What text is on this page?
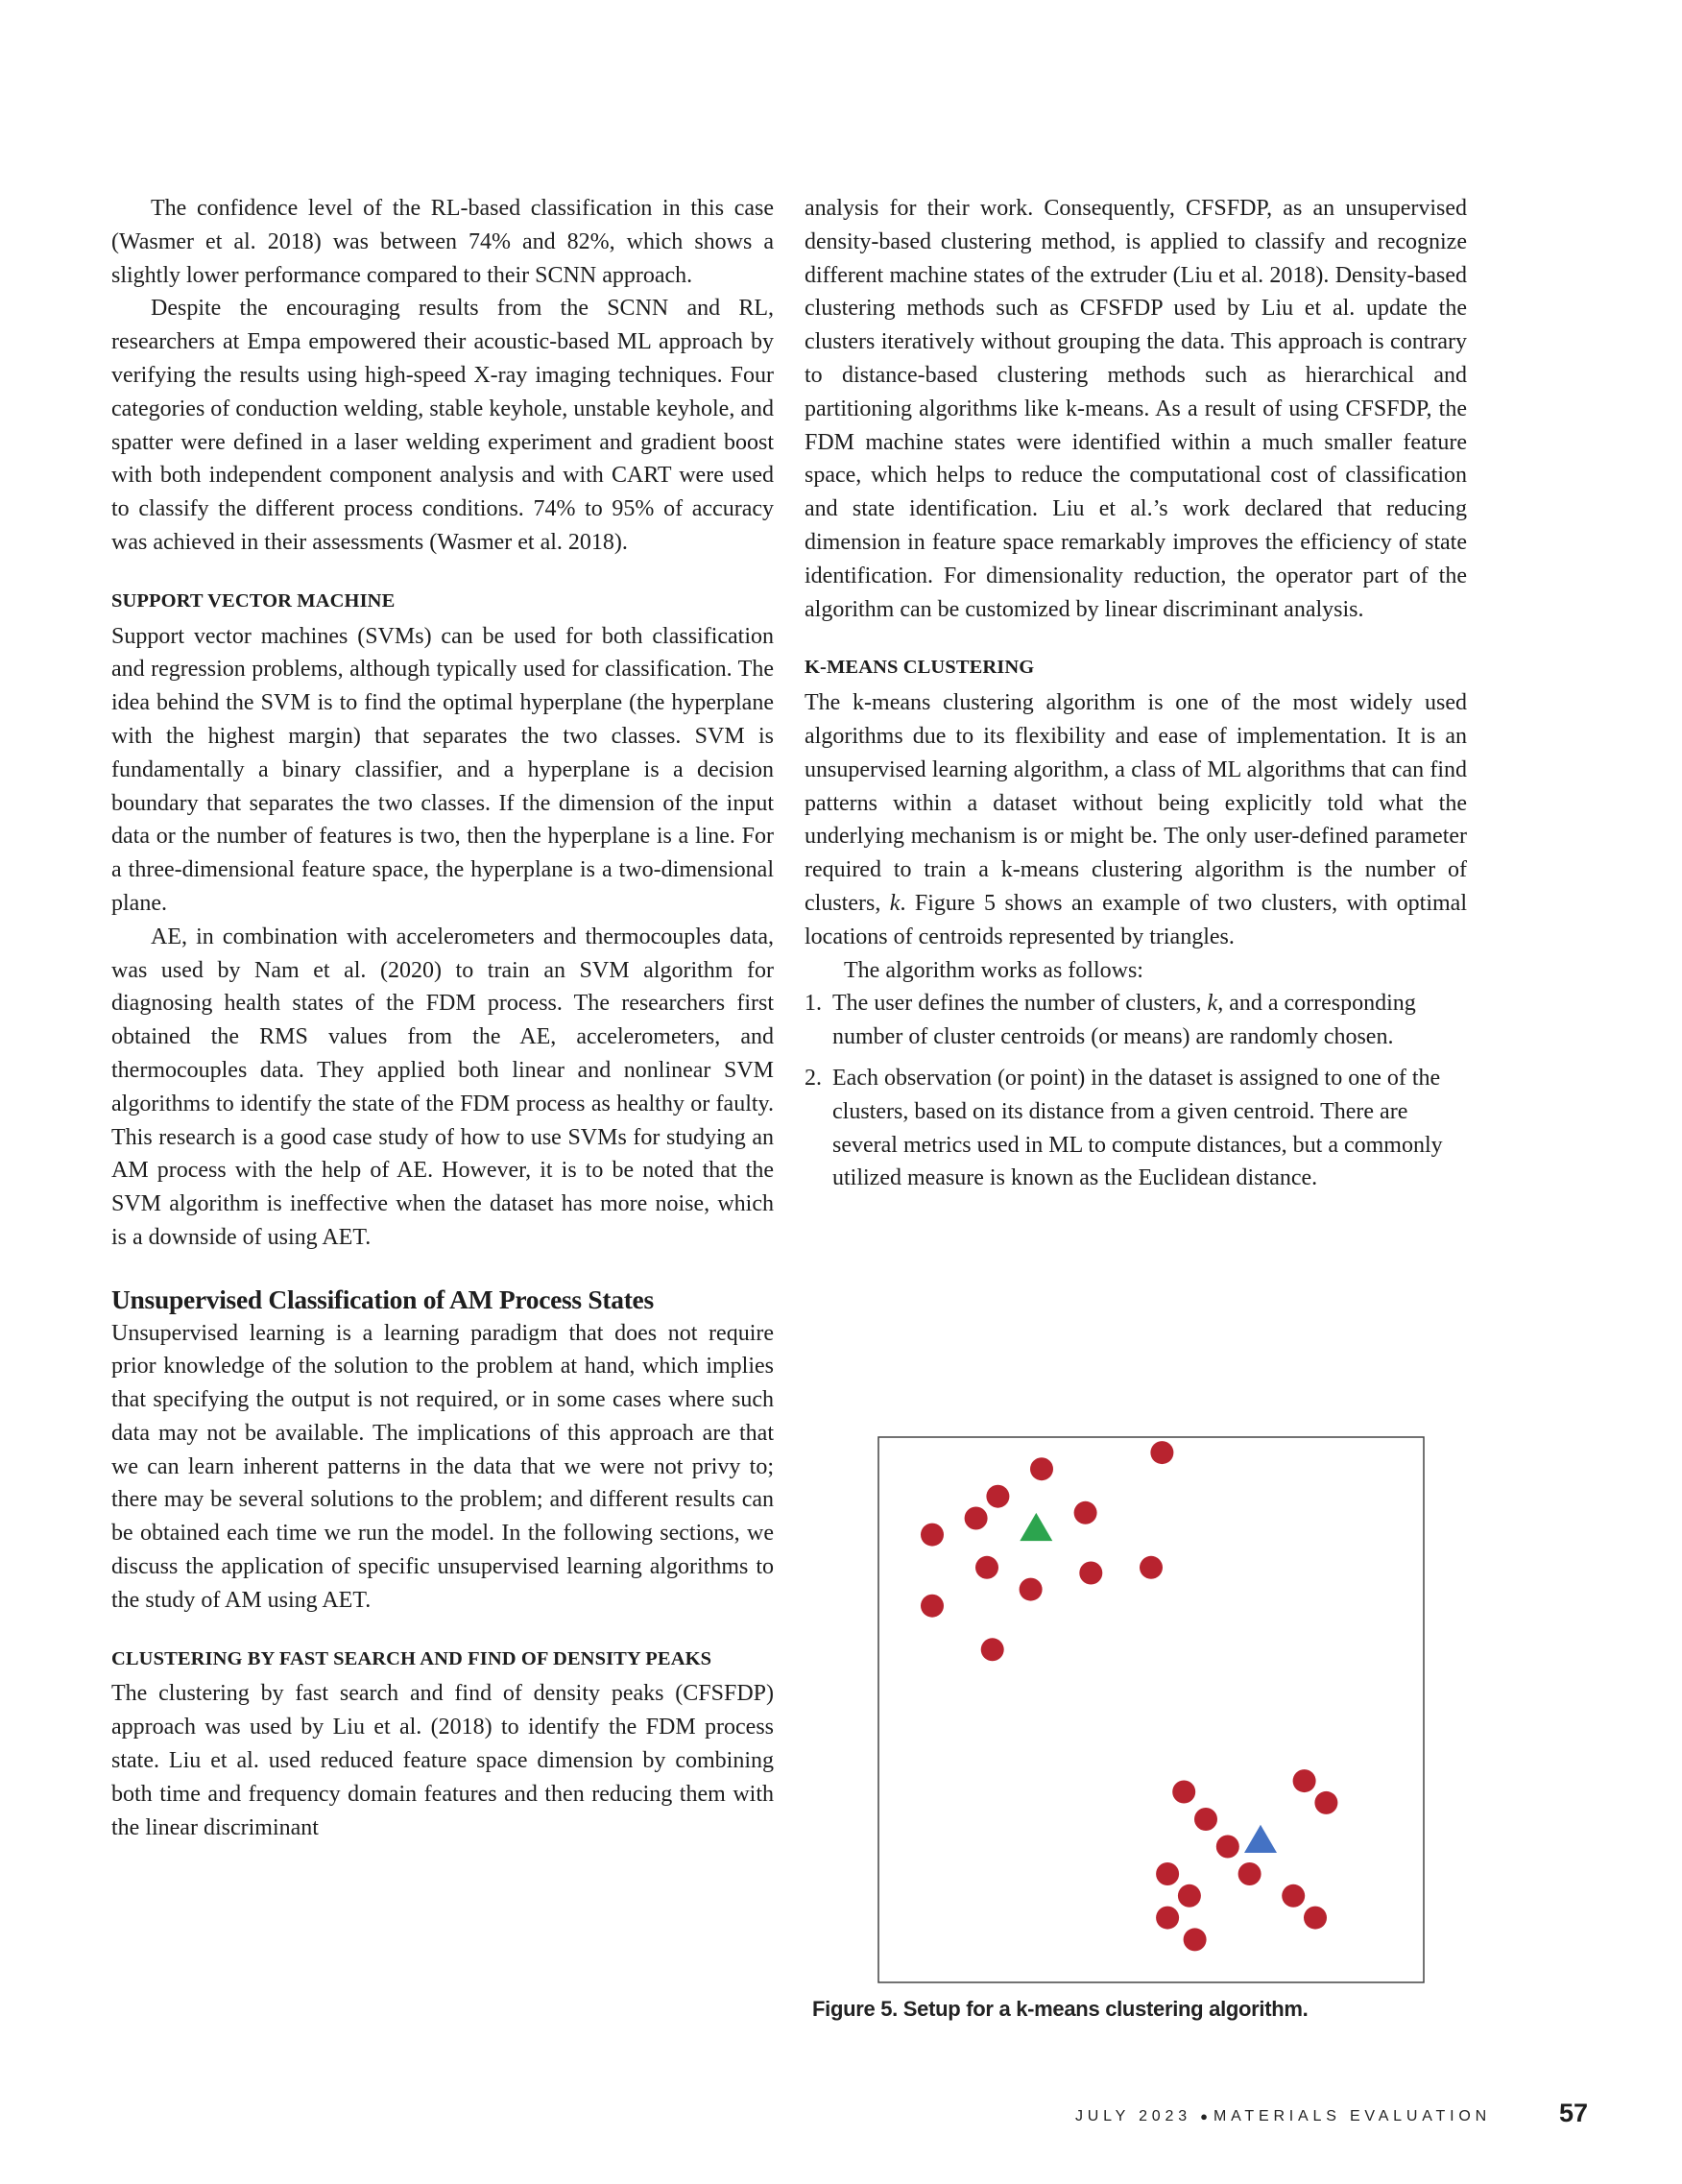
The confidence level of the RL-based classification in this case (Wasmer et al. 2018) was between 74% and 82%, which shows a slightly lower performance compared to their SCNN approach.

Despite the encouraging results from the SCNN and RL, researchers at Empa empowered their acoustic-based ML approach by verifying the results using high-speed X-ray imaging techniques. Four categories of conduction welding, stable keyhole, unstable keyhole, and spatter were defined in a laser welding experiment and gradient boost with both independent component analysis and with CART were used to classify the different process conditions. 74% to 95% of accuracy was achieved in their assessments (Wasmer et al. 2018).

SUPPORT VECTOR MACHINE

Support vector machines (SVMs) can be used for both classification and regression problems, although typically used for classification. The idea behind the SVM is to find the optimal hyperplane (the hyperplane with the highest margin) that separates the two classes. SVM is fundamentally a binary classifier, and a hyperplane is a decision boundary that separates the two classes. If the dimension of the input data or the number of features is two, then the hyperplane is a line. For a three-dimensional feature space, the hyperplane is a two-dimensional plane.

AE, in combination with accelerometers and thermocouples data, was used by Nam et al. (2020) to train an SVM algorithm for diagnosing health states of the FDM process. The researchers first obtained the RMS values from the AE, accelerometers, and thermocouples data. They applied both linear and nonlinear SVM algorithms to identify the state of the FDM process as healthy or faulty. This research is a good case study of how to use SVMs for studying an AM process with the help of AE. However, it is to be noted that the SVM algorithm is ineffective when the dataset has more noise, which is a downside of using AET.

Unsupervised Classification of AM Process States

Unsupervised learning is a learning paradigm that does not require prior knowledge of the solution to the problem at hand, which implies that specifying the output is not required, or in some cases where such data may not be available. The implications of this approach are that we can learn inherent patterns in the data that we were not privy to; there may be several solutions to the problem; and different results can be obtained each time we run the model. In the following sections, we discuss the application of specific unsupervised learning algorithms to the study of AM using AET.

CLUSTERING BY FAST SEARCH AND FIND OF DENSITY PEAKS

The clustering by fast search and find of density peaks (CFSFDP) approach was used by Liu et al. (2018) to identify the FDM process state. Liu et al. used reduced feature space dimension by combining both time and frequency domain features and then reducing them with the linear discriminant

analysis for their work. Consequently, CFSFDP, as an unsupervised density-based clustering method, is applied to classify and recognize different machine states of the extruder (Liu et al. 2018). Density-based clustering methods such as CFSFDP used by Liu et al. update the clusters iteratively without grouping the data. This approach is contrary to distance-based clustering methods such as hierarchical and partitioning algorithms like k-means. As a result of using CFSFDP, the FDM machine states were identified within a much smaller feature space, which helps to reduce the computational cost of classification and state identification. Liu et al.’s work declared that reducing dimension in feature space remarkably improves the efficiency of state identification. For dimensionality reduction, the operator part of the algorithm can be customized by linear discriminant analysis.

K-MEANS CLUSTERING

The k-means clustering algorithm is one of the most widely used algorithms due to its flexibility and ease of implementation. It is an unsupervised learning algorithm, a class of ML algorithms that can find patterns within a dataset without being explicitly told what the underlying mechanism is or might be. The only user-defined parameter required to train a k-means clustering algorithm is the number of clusters, k. Figure 5 shows an example of two clusters, with optimal locations of centroids represented by triangles.

The algorithm works as follows:

1. The user defines the number of clusters, k, and a corresponding number of cluster centroids (or means) are randomly chosen.
2. Each observation (or point) in the dataset is assigned to one of the clusters, based on its distance from a given centroid. There are several metrics used in ML to compute distances, but a commonly utilized measure is known as the Euclidean distance.
Figure 5. Setup for a k-means clustering algorithm.
JULY 2023 ● MATERIALS EVALUATION	57
